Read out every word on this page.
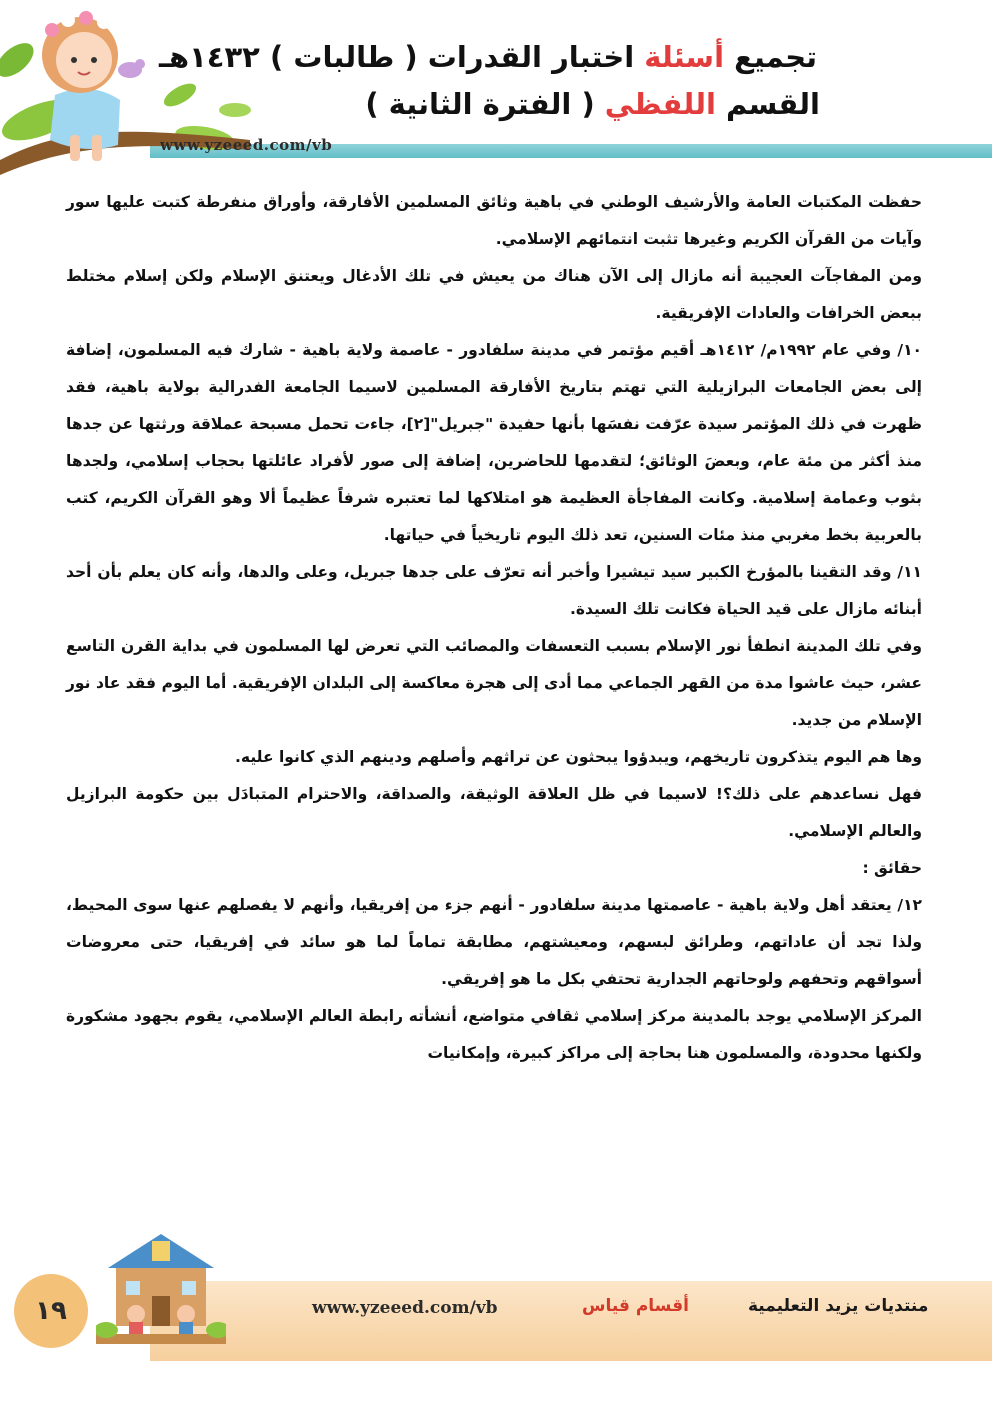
تجميع أسئلة اختبار القدرات ( طالبات ) ١٤٣٢هـ
القسم اللفظي ( الفترة الثانية )
www.yzeeed.com/vb

حفظت المكتبات العامة والأرشيف الوطني في باهية وثائق المسلمين الأفارقة، وأوراق منفرطة كتبت عليها سور وآيات من القرآن الكريم وغيرها تثبت انتمائهم الإسلامي.

ومن المفاجآت العجيبة أنه مازال إلى الآن هناك من يعيش في تلك الأدغال ويعتنق الإسلام ولكن إسلام مختلط ببعض الخرافات والعادات الإفريقية.

١٠/ وفي عام ١٩٩٢م/ ١٤١٢هـ أقيم مؤتمر في مدينة سلفادور - عاصمة ولاية باهية - شارك فيه المسلمون، إضافة إلى بعض الجامعات البرازيلية التي تهتم بتاريخ الأفارقة المسلمين لاسيما الجامعة الفدرالية بولاية باهية، فقد ظهرت في ذلك المؤتمر سيدة عرّفت نفسَها بأنها حفيدة "جبريل"[٢]، جاءت تحمل مسبحة عملاقة ورثتها عن جدها منذ أكثر من مئة عام، وبعضَ الوثائق؛ لتقدمها للحاضرين، إضافة إلى صور لأفراد عائلتها بحجاب إسلامي، ولجدها بثوب وعمامة إسلامية. وكانت المفاجأة العظيمة هو امتلاكها لما تعتبره شرفاً عظيماً ألا وهو القرآن الكريم، كتب بالعربية بخط مغربي منذ مئات السنين، تعد ذلك اليوم تاريخياً في حياتها.

١١/ وقد التقينا بالمؤرخ الكبير سيد تيشيرا وأخبر أنه تعرّف على جدها جبريل، وعلى والدها، وأنه كان يعلم بأن أحد أبنائه مازال على قيد الحياة فكانت تلك السيدة.

وفي تلك المدينة انطفأ نور الإسلام بسبب التعسفات والمصائب التي تعرض لها المسلمون في بداية القرن التاسع عشر، حيث عاشوا مدة من القهر الجماعي مما أدى إلى هجرة معاكسة إلى البلدان الإفريقية. أما اليوم فقد عاد نور الإسلام من جديد.

وها هم اليوم يتذكرون تاريخهم، ويبدؤوا يبحثون عن تراثهم وأصلهم ودينهم الذي كانوا عليه.

فهل نساعدهم على ذلك؟! لاسيما في ظل العلاقة الوثيقة، والصداقة، والاحترام المتبادَل بين حكومة البرازيل والعالم الإسلامي.

حقائق :

١٢/ يعتقد أهل ولاية باهية - عاصمتها مدينة سلفادور - أنهم جزء من إفريقيا، وأنهم لا يفصلهم عنها سوى المحيط، ولذا تجد أن عاداتهم، وطرائق لبسهم، ومعيشتهم، مطابقة تماماً لما هو سائد في إفريقيا، حتى معروضات أسواقهم وتحفهم ولوحاتهم الجدارية تحتفي بكل ما هو إفريقي.

المركز الإسلامي يوجد بالمدينة مركز إسلامي ثقافي متواضع، أنشأته رابطة العالم الإسلامي، يقوم بجهود مشكورة ولكنها محدودة، والمسلمون هنا بحاجة إلى مراكز كبيرة، وإمكانيات

١٩	www.yzeeed.com/vb	أقسام قياس	منتديات يزيد التعليمية
